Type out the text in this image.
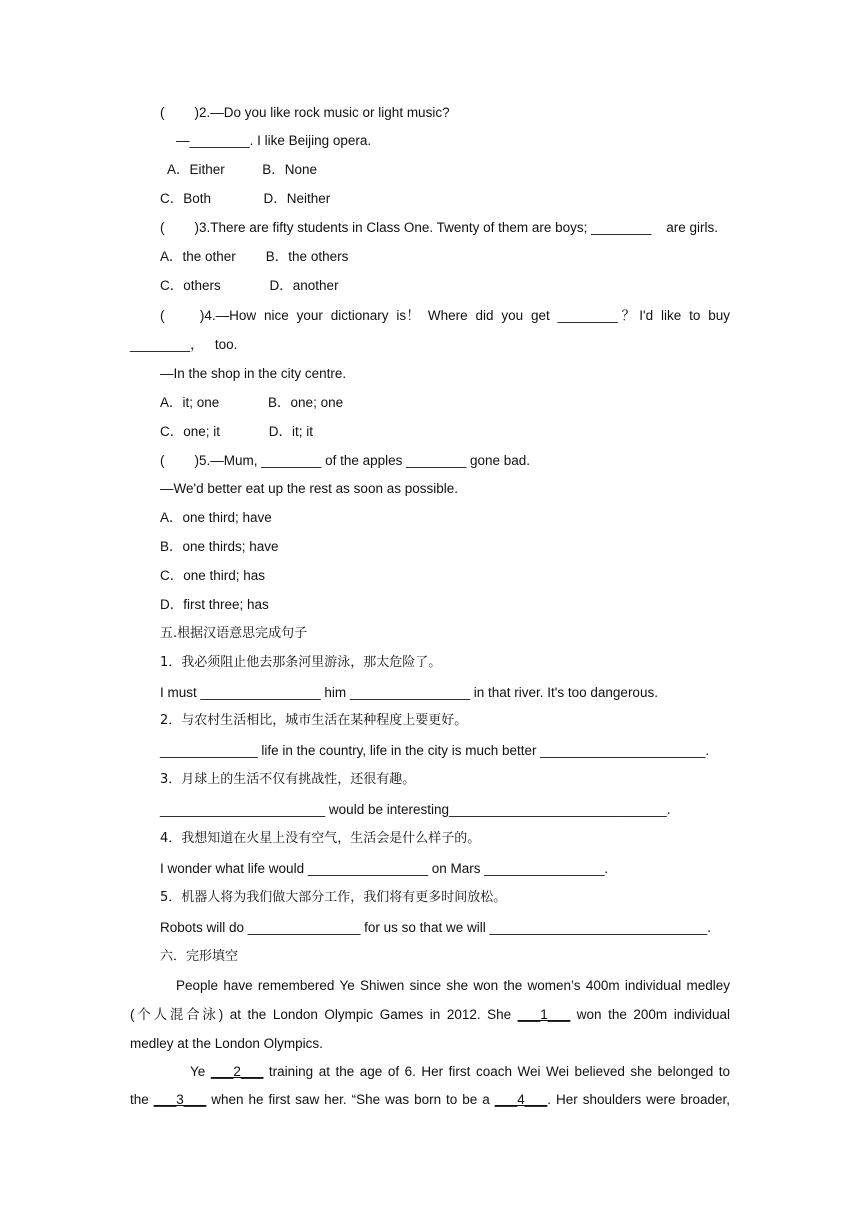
(        )2.—Do you like rock music or light music?
—________. I like Beijing opera.
A．Either          B．None
C．Both              D．Neither
(        )3.There are fifty students in Class One. Twenty of them are boys; ________    are girls.
A．the other        B．the others
C．others             D．another
(         )4.—How  nice  your  dictionary  is！  Where  did  you  get  ________ ？ I'd  like  to  buy
________，   too.
—In the shop in the city centre.
A．it; one             B．one; one
C．one; it             D．it; it
(        )5.—Mum, ________ of the apples ________ gone bad.
—We'd better eat up the rest as soon as possible.
A．one third; have
B．one thirds; have
C．one third; has
D．first three; has
五.根据汉语意思完成句子
1．我必须阻止他去那条河里游泳，那太危险了。
I must ________________ him ________________ in that river. It's too dangerous.
2．与农村生活相比，城市生活在某种程度上要更好。
_____________ life in the country, life in the city is much better ______________________.
3．月球上的生活不仅有挑战性，还很有趣。
______________________ would be interesting_____________________________.
4．我想知道在火星上没有空气，生活会是什么样子的。
I wonder what life would ________________ on Mars ________________.
5．机器人将为我们做大部分工作，我们将有更多时间放松。
Robots will do _______________ for us so that we will _____________________________.
六．完形填空
People have remembered Ye Shiwen since she won the women’s 400m individual medley
(个人混合泳) at the London Olympic Games in 2012. She ___1___ won the 200m individual
medley at the London Olympics.
Ye ___2___ training at the age of 6. Her first coach Wei Wei believed she belonged to
the ___3___ when he first saw her. “She was born to be a ___4___. Her shoulders were broader,
